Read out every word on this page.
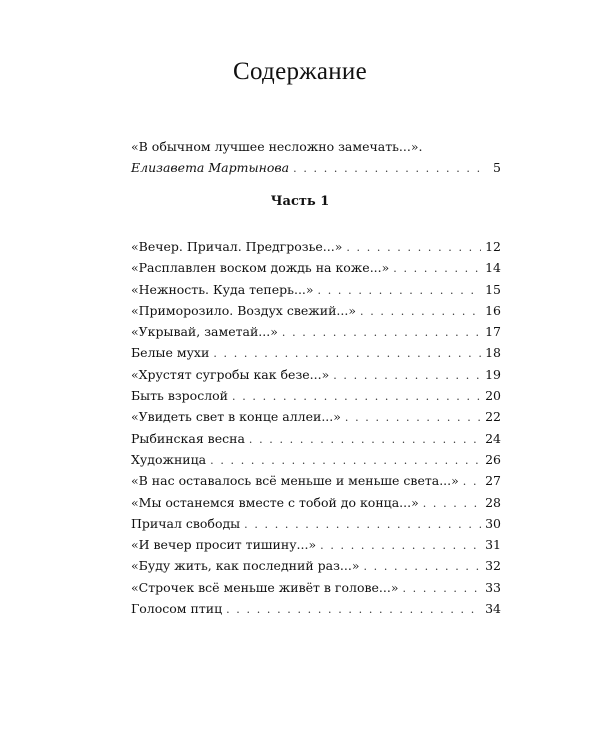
Содержание
«В обычном лучшее несложно замечать...».
Елизавета Мартынова . . .	5
Часть 1
«Вечер. Причал. Предгрозье...» . . .	12
«Расплавлен воском дождь на коже...» . . .	14
«Нежность. Куда теперь...» . . .	15
«Приморозило. Воздух свежий...» . . .	16
«Укрывай, заметай...» . . .	17
Белые мухи . . .	18
«Хрустят сугробы как безе...» . . .	19
Быть взрослой . . .	20
«Увидеть свет в конце аллеи...» . . .	22
Рыбинская весна . . .	24
Художница . . .	26
«В нас оставалось всё меньше и меньше света...» . . . 27
«Мы останемся вместе с тобой до конца...» . . .	28
Причал свободы . . .	30
«И вечер просит тишину...» . . .	31
«Буду жить, как последний раз...» . . .	32
«Строчек всё меньше живёт в голове...» . . .	33
Голосом птиц . . .	34
